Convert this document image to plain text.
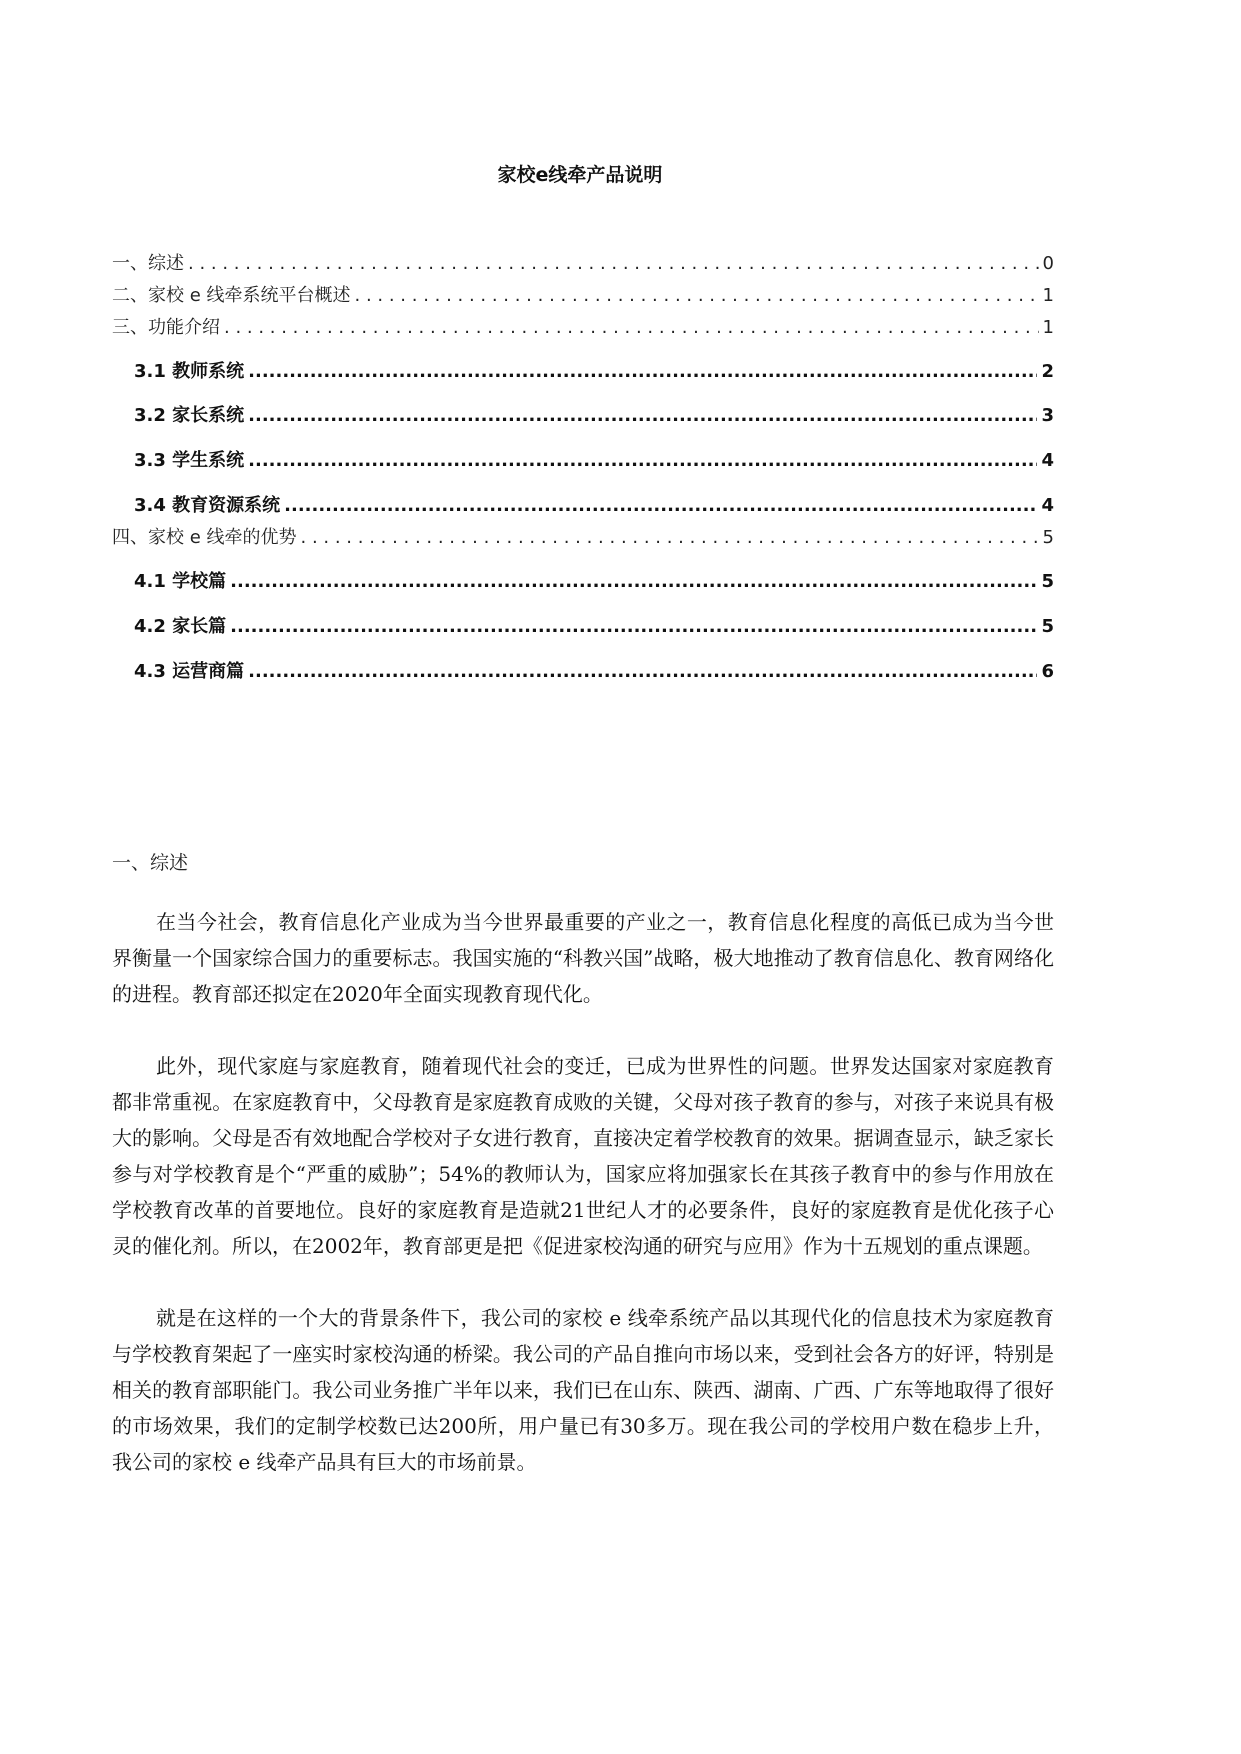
家校e线牵产品说明
一、综述 . . .	0
二、家校 e 线牵系统平台概述 . . .	1
三、功能介绍 . . .	1
3.1 教师系统 .....	2
3.2 家长系统 .....	3
3.3 学生系统 .....	4
3.4 教育资源系统 .....	4
四、家校 e 线牵的优势 . . .	5
4.1 学校篇 .....	5
4.2 家长篇 .....	5
4.3 运营商篇 .....	6
一、综述

在当今社会，教育信息化产业成为当今世界最重要的产业之一，教育信息化程度的高低已成为当今世界衡量一个国家综合国力的重要标志。我国实施的“科教兴国”战略，极大地推动了教育信息化、教育网络化的进程。教育部还拟定在2020年全面实现教育现代化。

此外，现代家庭与家庭教育，随着现代社会的变迁，已成为世界性的问题。世界发达国家对家庭教育都非常重视。在家庭教育中，父母教育是家庭教育成败的关键，父母对孩子教育的参与，对孩子来说具有极大的影响。父母是否有效地配合学校对子女进行教育，直接决定着学校教育的效果。据调查显示，缺乏家长参与对学校教育是个“严重的威胁”；54%的教师认为，国家应将加强家长在其孩子教育中的参与作用放在学校教育改革的首要地位。良好的家庭教育是造就21世纪人才的必要条件，良好的家庭教育是优化孩子心灵的催化剂。所以，在2002年，教育部更是把《促进家校沟通的研究与应用》作为十五规划的重点课题。

就是在这样的一个大的背景条件下，我公司的家校 e 线牵系统产品以其现代化的信息技术为家庭教育与学校教育架起了一座实时家校沟通的桥梁。我公司的产品自推向市场以来，受到社会各方的好评，特别是相关的教育部职能门。我公司业务推广半年以来，我们已在山东、陕西、湖南、广西、广东等地取得了很好的市场效果，我们的定制学校数已达200所，用户量已有30多万。现在我公司的学校用户数在稳步上升，我公司的家校 e 线牵产品具有巨大的市场前景。
